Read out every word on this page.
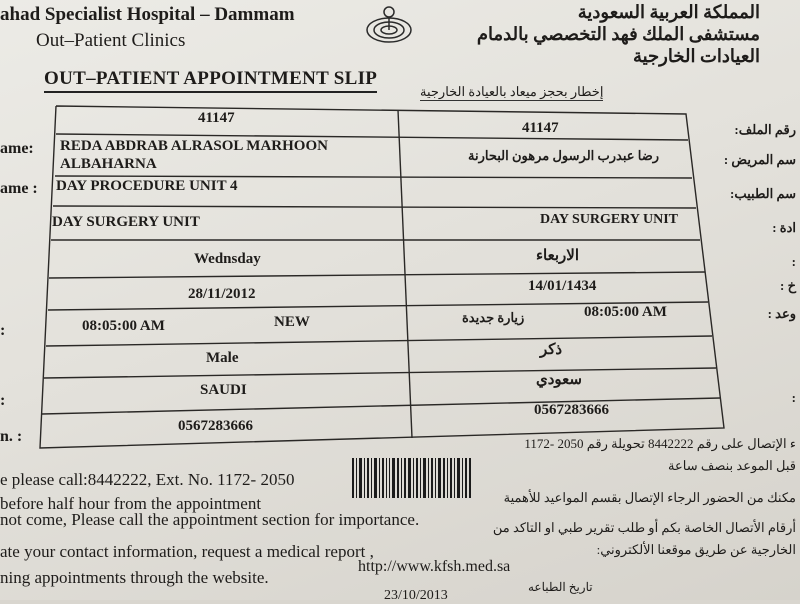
ahad Specialist Hospital – Dammam
Out–Patient Clinics
المملكة العربية السعودية
مستشفى الملك فهد التخصصي بالدمام
العيادات الخارجية
OUT–PATIENT APPOINTMENT SLIP
إخطار بحجز ميعاد بالعيادة الخارجية
ame:
ame :
:
:
n. :
رقم الملف:
سم المريض :
سم الطبيب:
ادة :
:
خ :
وعد :
:
41147
REDA ABDRAB ALRASOL MARHOON
ALBAHARNA
DAY PROCEDURE UNIT 4
DAY SURGERY UNIT
Wednsday
28/11/2012
08:05:00 AM	NEW
Male
SAUDI
0567283666
41147
رضا عبدرب الرسول مرهون البحارنة
DAY SURGERY UNIT
الاربعاء
14/01/1434
زيارة جديدة	08:05:00 AM
ذكر
سعودي
0567283666
e please call:8442222, Ext. No. 1172- 2050
before half hour from the appointment
not come, Please call the appointment section for importance.
ate your contact information, request a medical report ,
ning appointments through the website.
ء الإتصال على رقم 8442222 تحويلة رقم 2050 -1172
قبل الموعد بنصف ساعة
مكنك من الحضور الرجاء الإتصال بقسم المواعيد للأهمية
أرقام الأتصال الخاصة بكم أو طلب تقرير طبي او التاكد من
الخارجية عن طريق موقعنا الألكتروني:
http://www.kfsh.med.sa
23/10/2013
تاريخ الطباعه
